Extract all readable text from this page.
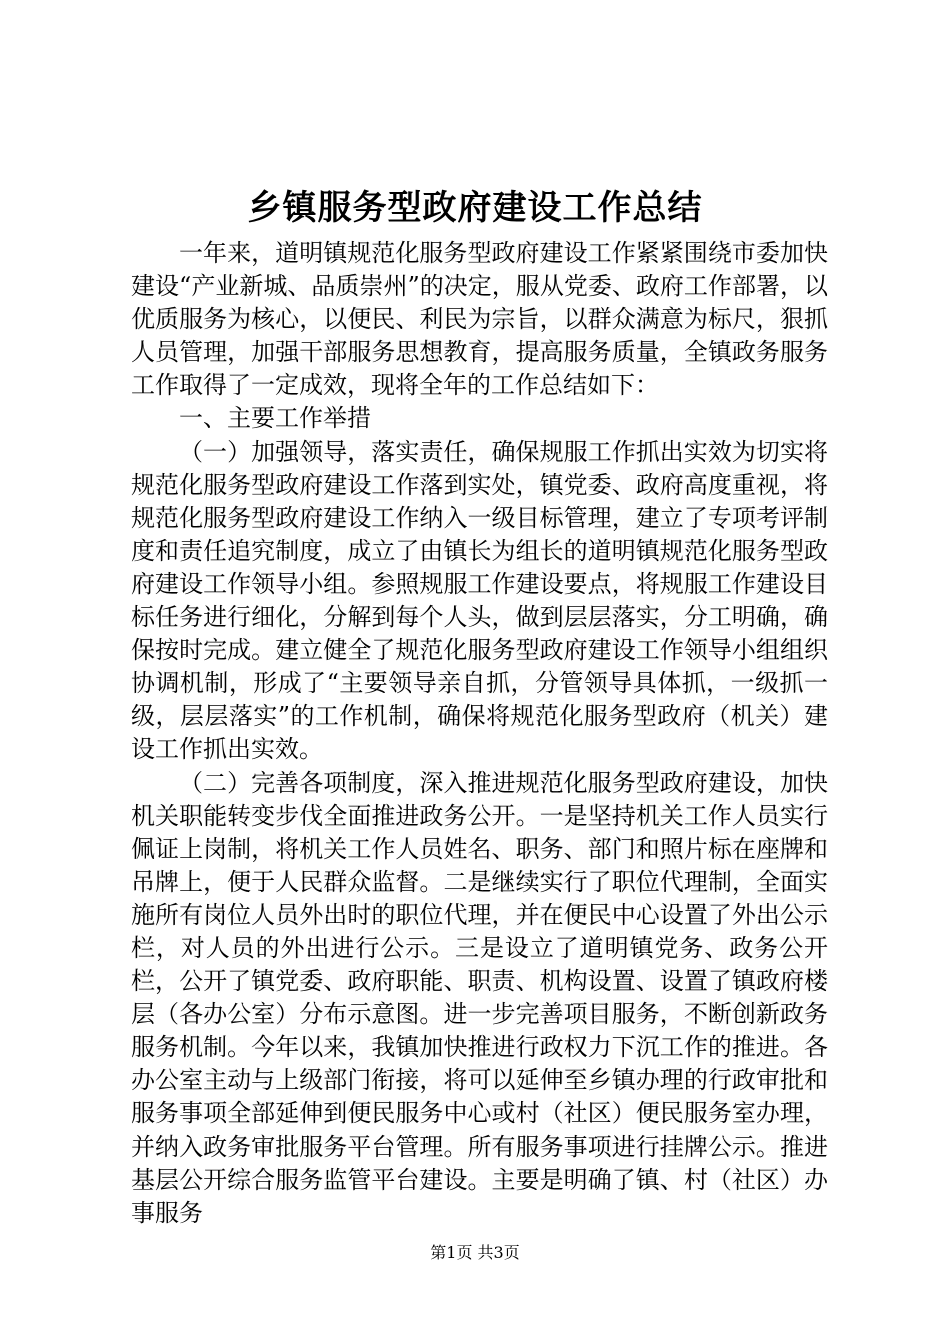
乡镇服务型政府建设工作总结

一年来，道明镇规范化服务型政府建设工作紧紧围绕市委加快建设“产业新城、品质崇州”的决定，服从党委、政府工作部署，以优质服务为核心，以便民、利民为宗旨，以群众满意为标尺，狠抓人员管理，加强干部服务思想教育，提高服务质量，全镇政务服务工作取得了一定成效，现将全年的工作总结如下：

一、主要工作举措

（一）加强领导，落实责任，确保规服工作抓出实效为切实将规范化服务型政府建设工作落到实处，镇党委、政府高度重视，将规范化服务型政府建设工作纳入一级目标管理，建立了专项考评制度和责任追究制度，成立了由镇长为组长的道明镇规范化服务型政府建设工作领导小组。参照规服工作建设要点，将规服工作建设目标任务进行细化，分解到每个人头，做到层层落实，分工明确，确保按时完成。建立健全了规范化服务型政府建设工作领导小组组织协调机制，形成了“主要领导亲自抓，分管领导具体抓，一级抓一级，层层落实”的工作机制，确保将规范化服务型政府（机关）建设工作抓出实效。

（二）完善各项制度，深入推进规范化服务型政府建设，加快机关职能转变步伐全面推进政务公开。一是坚持机关工作人员实行佩证上岗制，将机关工作人员姓名、职务、部门和照片标在座牌和吊牌上，便于人民群众监督。二是继续实行了职位代理制，全面实施所有岗位人员外出时的职位代理，并在便民中心设置了外出公示栏，对人员的外出进行公示。三是设立了道明镇党务、政务公开栏，公开了镇党委、政府职能、职责、机构设置、设置了镇政府楼层（各办公室）分布示意图。进一步完善项目服务，不断创新政务服务机制。今年以来，我镇加快推进行政权力下沉工作的推进。各办公室主动与上级部门衔接，将可以延伸至乡镇办理的行政审批和服务事项全部延伸到便民服务中心或村（社区）便民服务室办理，并纳入政务审批服务平台管理。所有服务事项进行挂牌公示。推进基层公开综合服务监管平台建设。主要是明确了镇、村（社区）办事服务

第1页 共3页
